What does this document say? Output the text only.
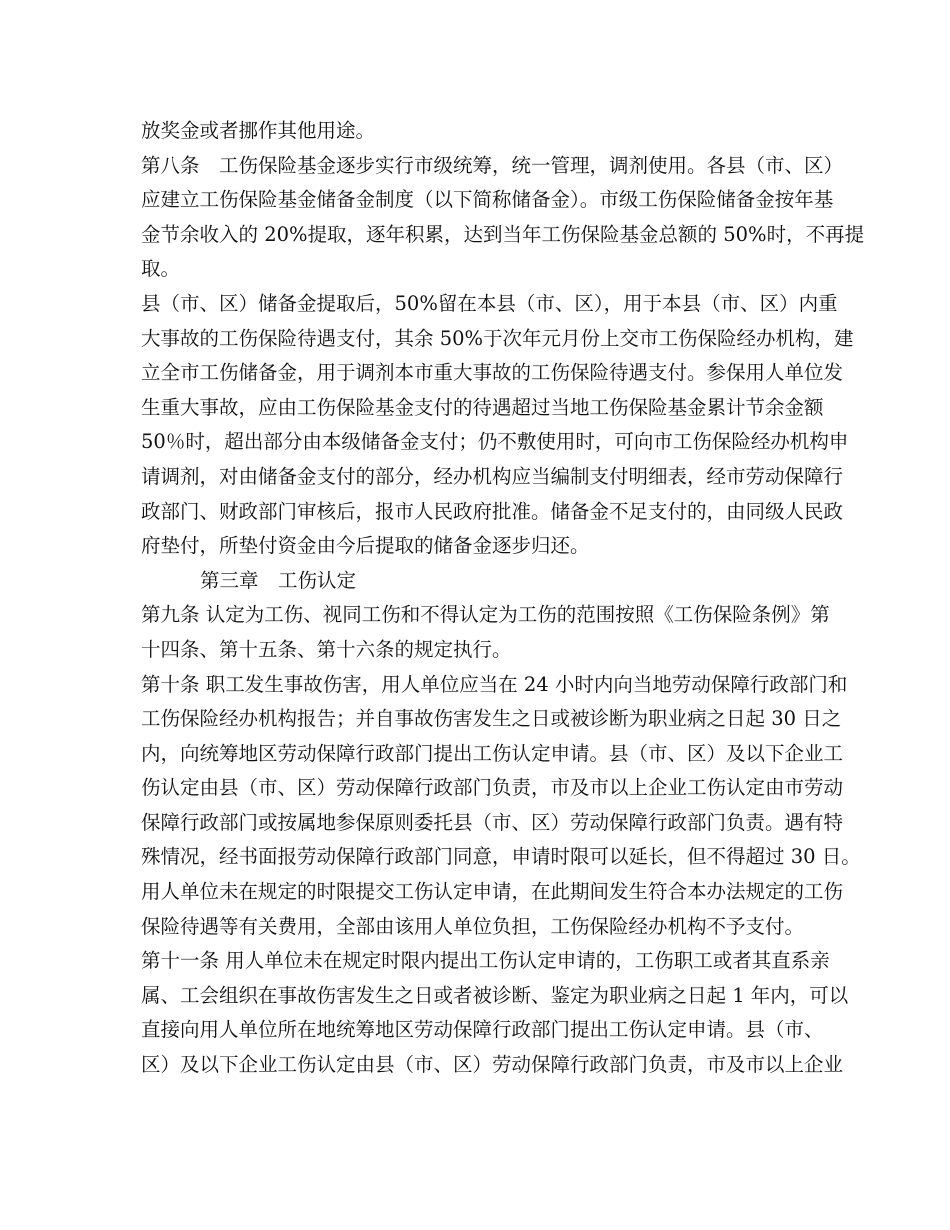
放奖金或者挪作其他用途。
第八条　工伤保险基金逐步实行市级统筹，统一管理，调剂使用。各县（市、区）
应建立工伤保险基金储备金制度（以下简称储备金）。市级工伤保险储备金按年基
金节余收入的 20%提取，逐年积累，达到当年工伤保险基金总额的 50%时，不再提
取。
县（市、区）储备金提取后，50%留在本县（市、区），用于本县（市、区）内重
大事故的工伤保险待遇支付，其余 50%于次年元月份上交市工伤保险经办机构，建
立全市工伤储备金，用于调剂本市重大事故的工伤保险待遇支付。参保用人单位发
生重大事故，应由工伤保险基金支付的待遇超过当地工伤保险基金累计节余金额
50％时，超出部分由本级储备金支付；仍不敷使用时，可向市工伤保险经办机构申
请调剂，对由储备金支付的部分，经办机构应当编制支付明细表，经市劳动保障行
政部门、财政部门审核后，报市人民政府批准。储备金不足支付的，由同级人民政
府垫付，所垫付资金由今后提取的储备金逐步归还。
第三章　工伤认定
第九条 认定为工伤、视同工伤和不得认定为工伤的范围按照《工伤保险条例》第
十四条、第十五条、第十六条的规定执行。
第十条 职工发生事故伤害，用人单位应当在 24 小时内向当地劳动保障行政部门和
工伤保险经办机构报告；并自事故伤害发生之日或被诊断为职业病之日起 30 日之
内，向统筹地区劳动保障行政部门提出工伤认定申请。县（市、区）及以下企业工
伤认定由县（市、区）劳动保障行政部门负责，市及市以上企业工伤认定由市劳动
保障行政部门或按属地参保原则委托县（市、区）劳动保障行政部门负责。遇有特
殊情况，经书面报劳动保障行政部门同意，申请时限可以延长，但不得超过 30 日。
用人单位未在规定的时限提交工伤认定申请，在此期间发生符合本办法规定的工伤
保险待遇等有关费用，全部由该用人单位负担，工伤保险经办机构不予支付。
第十一条 用人单位未在规定时限内提出工伤认定申请的，工伤职工或者其直系亲
属、工会组织在事故伤害发生之日或者被诊断、鉴定为职业病之日起 1 年内，可以
直接向用人单位所在地统筹地区劳动保障行政部门提出工伤认定申请。县（市、
区）及以下企业工伤认定由县（市、区）劳动保障行政部门负责，市及市以上企业
